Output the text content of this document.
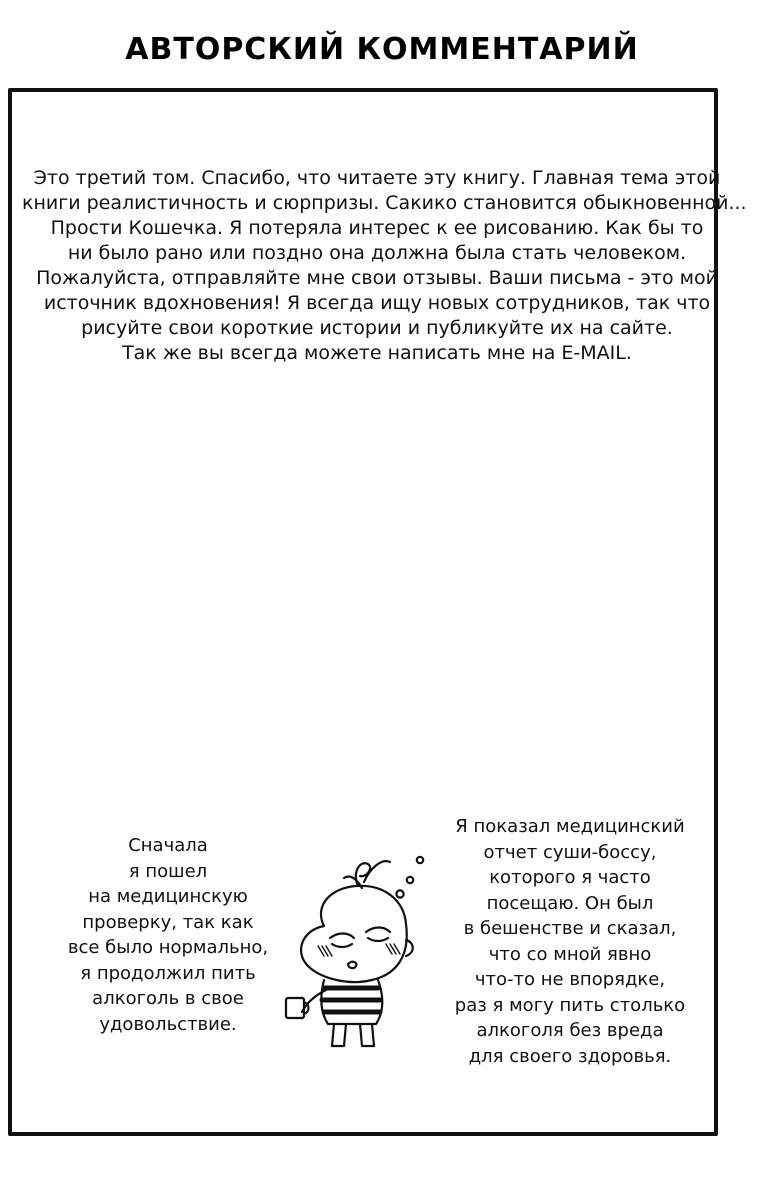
АВТОРСКИЙ КОММЕНТАРИЙ
Это третий том. Спасибо, что читаете эту книгу. Главная тема этой
книги реалистичность и сюрпризы. Сакико становится обыкновенной...
Прости Кошечка. Я потеряла интерес к ее рисованию. Как бы то
ни было рано или поздно она должна была стать человеком.
Пожалуйста, отправляйте мне свои отзывы. Ваши письма - это мой
источник вдохновения! Я всегда ищу новых сотрудников, так что
рисуйте свои короткие истории и публикуйте их на сайте.
Так же вы всегда можете написать мне на E-MAIL.
Сначала
я пошел
на медицинскую
проверку, так как
все было нормально,
я продолжил пить
алкоголь в свое
удовольствие.
Я показал медицинский
отчет суши-боссу,
которого я часто
посещаю. Он был
в бешенстве и сказал,
что со мной явно
что-то не впорядке,
раз я могу пить столько
алкоголя без вреда
для своего здоровья.
